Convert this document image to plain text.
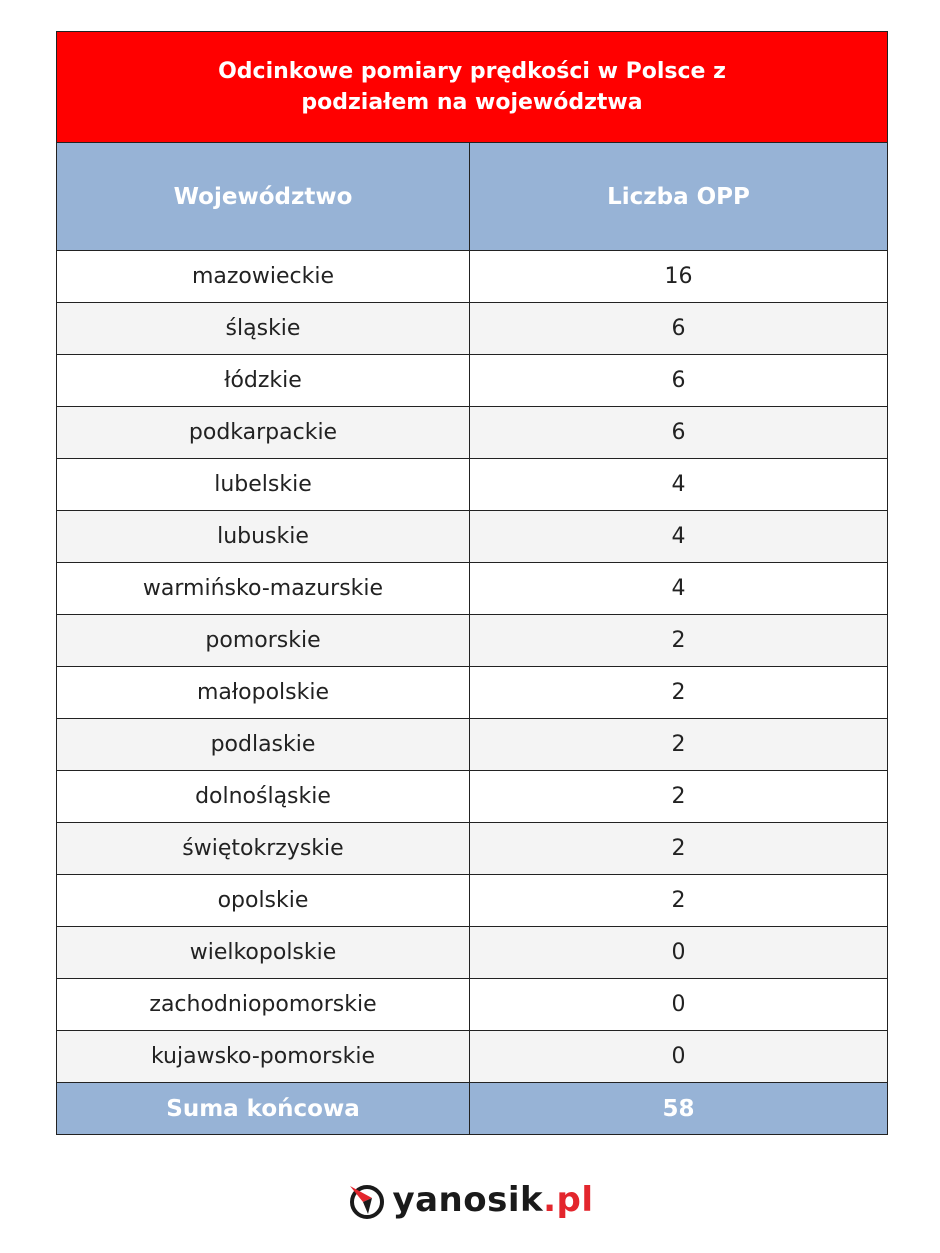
Odcinkowe pomiary prędkości w Polsce z podziałem na województwa
Województwo	Liczba OPP
mazowieckie	16
śląskie	6
łódzkie	6
podkarpackie	6
lubelskie	4
lubuskie	4
warmińsko-mazurskie	4
pomorskie	2
małopolskie	2
podlaskie	2
dolnośląskie	2
świętokrzyskie	2
opolskie	2
wielkopolskie	0
zachodniopomorskie	0
kujawsko-pomorskie	0
Suma końcowa	58
yanosik.pl
